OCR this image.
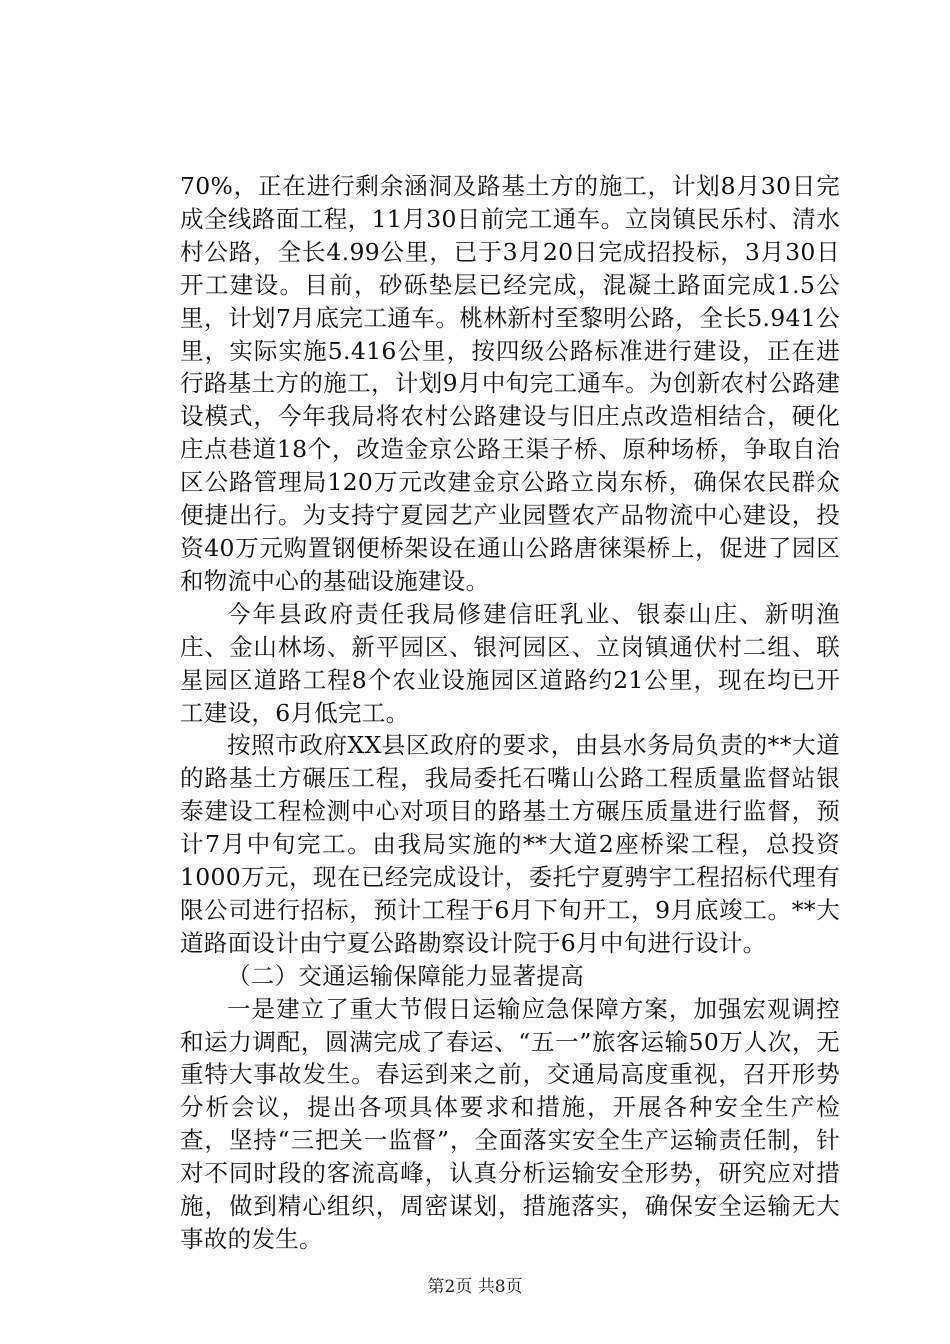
70%，正在进行剩余涵洞及路基土方的施工，计划8月30日完成全线路面工程，11月30日前完工通车。立岗镇民乐村、清水村公路，全长4.99公里，已于3月20日完成招投标，3月30日开工建设。目前，砂砾垫层已经完成，混凝土路面完成1.5公里，计划7月底完工通车。桃林新村至黎明公路，全长5.941公里，实际实施5.416公里，按四级公路标准进行建设，正在进行路基土方的施工，计划9月中旬完工通车。为创新农村公路建设模式，今年我局将农村公路建设与旧庄点改造相结合，硬化庄点巷道18个，改造金京公路王渠子桥、原种场桥，争取自治区公路管理局120万元改建金京公路立岗东桥，确保农民群众便捷出行。为支持宁夏园艺产业园暨农产品物流中心建设，投资40万元购置钢便桥架设在通山公路唐徕渠桥上，促进了园区和物流中心的基础设施建设。

今年县政府责任我局修建信旺乳业、银泰山庄、新明渔庄、金山林场、新平园区、银河园区、立岗镇通伏村二组、联星园区道路工程8个农业设施园区道路约21公里，现在均已开工建设，6月低完工。

按照市政府XX县区政府的要求，由县水务局负责的**大道的路基土方碾压工程，我局委托石嘴山公路工程质量监督站银泰建设工程检测中心对项目的路基土方碾压质量进行监督，预计7月中旬完工。由我局实施的**大道2座桥梁工程，总投资1000万元，现在已经完成设计，委托宁夏骋宇工程招标代理有限公司进行招标，预计工程于6月下旬开工，9月底竣工。**大道路面设计由宁夏公路勘察设计院于6月中旬进行设计。

（二）交通运输保障能力显著提高

一是建立了重大节假日运输应急保障方案，加强宏观调控和运力调配，圆满完成了春运、“五一”旅客运输50万人次，无重特大事故发生。春运到来之前，交通局高度重视，召开形势分析会议，提出各项具体要求和措施，开展各种安全生产检查，坚持“三把关一监督”，全面落实安全生产运输责任制，针对不同时段的客流高峰，认真分析运输安全形势，研究应对措施，做到精心组织，周密谋划，措施落实，确保安全运输无大事故的发生。

第2页 共8页
